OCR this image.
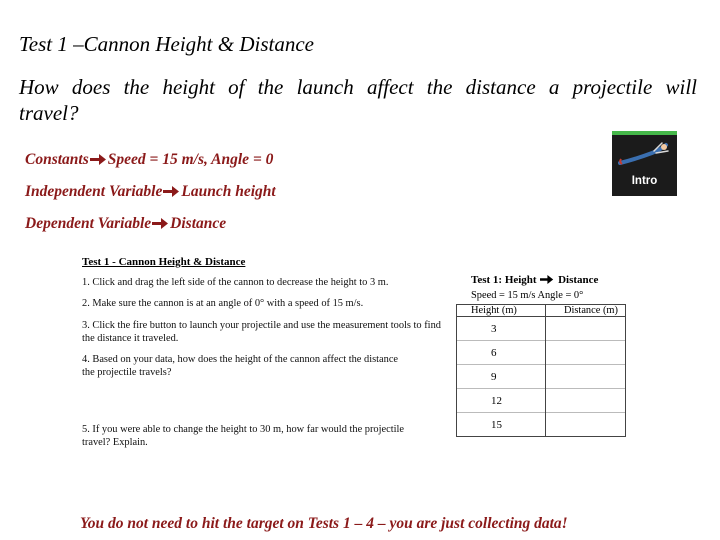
Test 1 –Cannon Height & Distance

How does the height of the launch affect the distance a projectile will travel?

Constants Speed = 15 m/s, Angle = 0

Independent Variable Launch height

Dependent Variable Distance

Intro

Test 1 - Cannon Height & Distance

1. Click and drag the left side of the cannon to decrease the height to 3 m.

2. Make sure the cannon is at an angle of 0° with a speed of 15 m/s.

3. Click the fire button to launch your projectile and use the measurement tools to find the distance it traveled.

4. Based on your data, how does the height of the cannon affect the distance the projectile travels?

5. If you were able to change the height to 30 m, how far would the projectile travel? Explain.

Test 1: Height Distance

Speed = 15 m/s Angle = 0°

Height (m)	Distance (m)
3	
6	
9	
12	
15	

You do not need to hit the target on Tests 1 – 4 – you are just collecting data!
